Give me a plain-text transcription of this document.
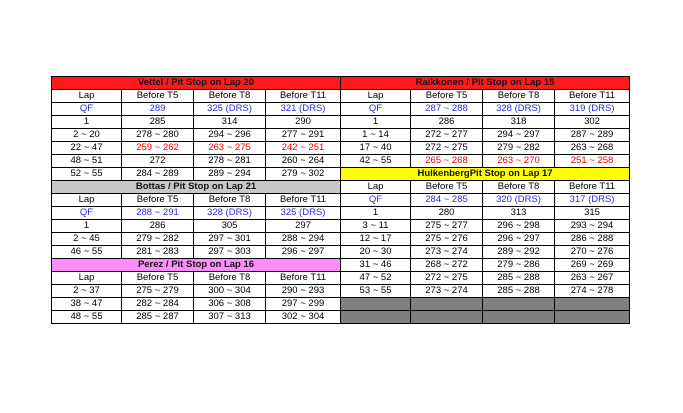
Vettel / Pit Stop on Lap 20				Raikkonen / Pit Stop on Lap 15			
Lap	Before T5	Before T8	Before T11	Lap	Before T5	Before T8	Before T11
QF	289	325 (DRS)	321 (DRS)	QF	287 ~ 288	328 (DRS)	319 (DRS)
1	285	314	290	1	286	318	302
2 ~ 20	278 ~ 280	294 ~ 296	277 ~ 291	1 ~ 14	272 ~ 277	294 ~ 297	287 ~ 289
22 ~ 47	259 ~ 262	263 ~ 275	242 ~ 251	17 ~ 40	272 ~ 275	279 ~ 282	263 ~ 268
48 ~ 51	272	278 ~ 281	260 ~ 264	42 ~ 55	265 ~ 268	263 ~ 270	251 ~ 258
52 ~ 55	284 ~ 289	289 ~ 294	279 ~ 302	HulkenbergPit Stop on Lap 17			
Bottas / Pit Stop on Lap 21				Lap	Before T5	Before T8	Before T11
Lap	Before T5	Before T8	Before T11	QF	284 ~ 285	320 (DRS)	317 (DRS)
QF	288 ~ 291	328 (DRS)	325 (DRS)	1	280	313	315
1	286	305	297	3 ~ 11	275 ~ 277	296 ~ 298	293 ~ 294
2 ~ 45	279 ~ 282	297 ~ 301	288 ~ 294	12 ~ 17	275 ~ 276	296 ~ 297	286 ~ 288
46 ~ 55	281 ~ 283	297 ~ 303	296 ~ 297	20 ~ 30	273 ~ 274	289 ~ 292	270 ~ 276
Perez / Pit Stop on Lap 16				31 ~ 46	268 ~ 272	279 ~ 286	269 ~ 269
Lap	Before T5	Before T8	Before T11	47 ~ 52	272 ~ 275	285 ~ 288	263 ~ 267
2 ~ 37	275 ~ 279	300 ~ 304	290 ~ 293	53 ~ 55	273 ~ 274	285 ~ 288	274 ~ 278
38 ~ 47	282 ~ 284	306 ~ 308	297 ~ 299				
48 ~ 55	285 ~ 287	307 ~ 313	302 ~ 304				
